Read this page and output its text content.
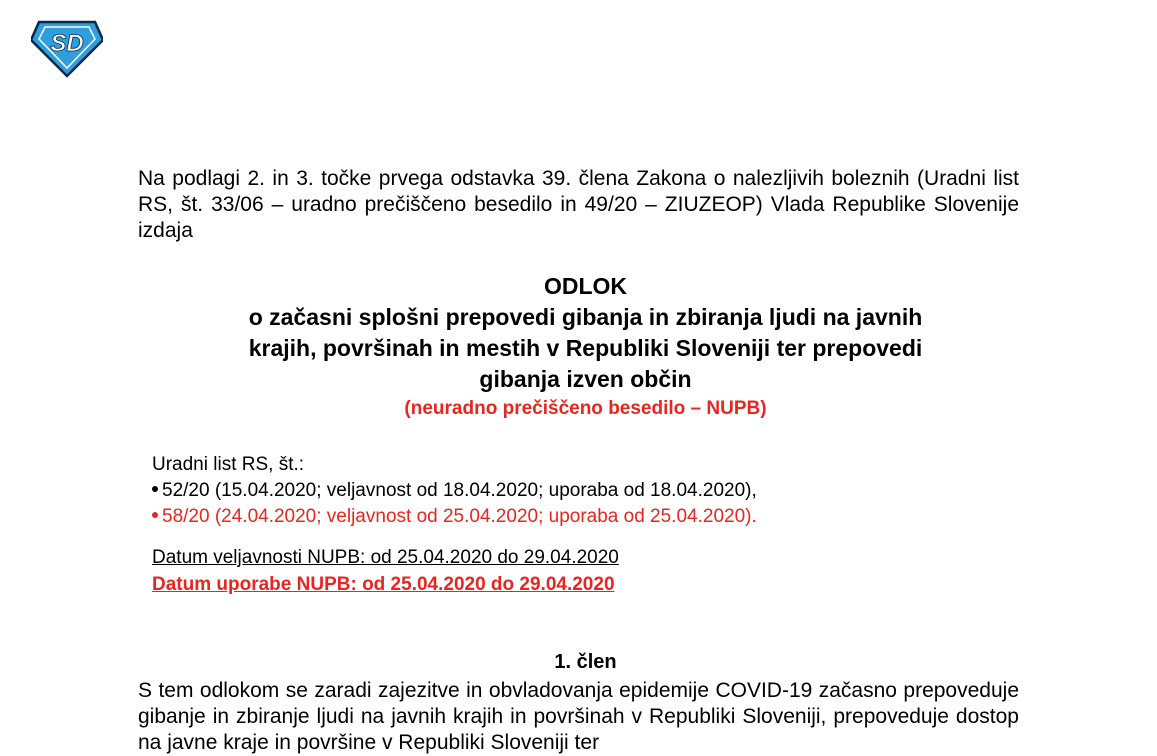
SD

Na podlagi 2. in 3. točke prvega odstavka 39. člena Zakona o nalezljivih boleznih (Uradni list RS, št. 33/06 – uradno prečiščeno besedilo in 49/20 – ZIUZEOP) Vlada Republike Slovenije izdaja

ODLOK

o začasni splošni prepovedi gibanja in zbiranja ljudi na javnih

krajih, površinah in mestih v Republiki Sloveniji ter prepovedi

gibanja izven občin

(neuradno prečiščeno besedilo – NUPB)

Uradni list RS, št.:

52/20 (15.04.2020; veljavnost od 18.04.2020; uporaba od 18.04.2020),
58/20 (24.04.2020; veljavnost od 25.04.2020; uporaba od 25.04.2020).

Datum veljavnosti NUPB: od 25.04.2020 do 29.04.2020

Datum uporabe NUPB: od 25.04.2020 do 29.04.2020

1. člen

S tem odlokom se zaradi zajezitve in obvladovanja epidemije COVID-19 začasno prepoveduje gibanje in zbiranje ljudi na javnih krajih in površinah v Republiki Sloveniji, prepoveduje dostop na javne kraje in površine v Republiki Sloveniji ter
